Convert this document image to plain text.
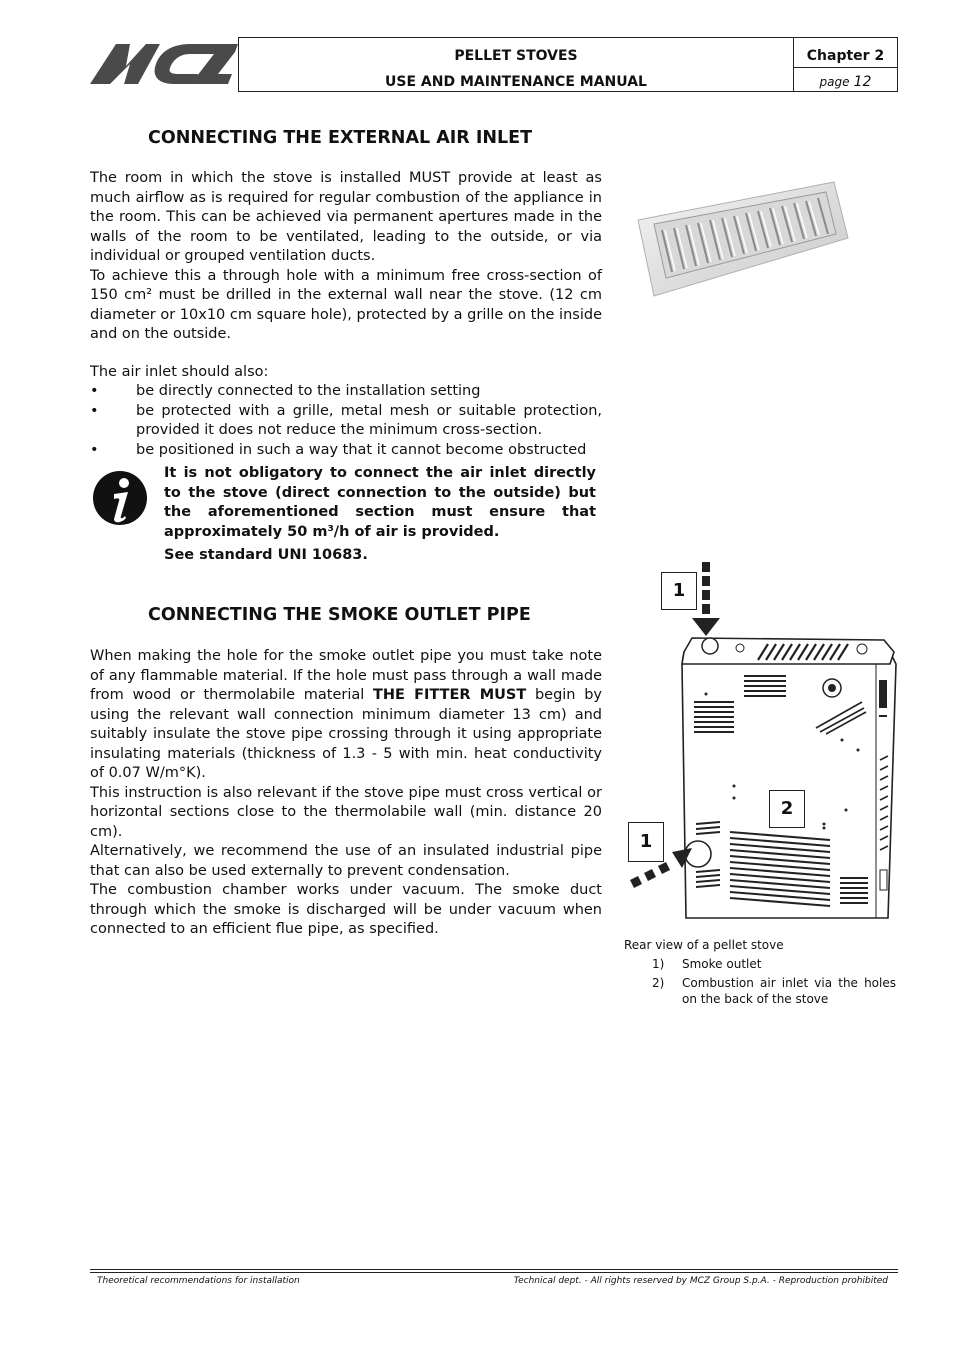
PELLET STOVES
USE AND MAINTENANCE MANUAL
Chapter 2
page 12
CONNECTING THE EXTERNAL AIR INLET

The room in which the stove is installed MUST provide at least as much airflow as is required for regular combustion of the appliance in the room. This can be achieved via permanent apertures made in the walls of the room to be ventilated, leading to the outside, or via individual or grouped ventilation ducts.

To achieve this a through hole with a minimum free cross-section of 150 cm² must be drilled in the external wall near the stove. (12 cm diameter or 10x10 cm square hole), protected by a grille on the inside and on the outside.

The air inlet should also:

• be directly connected to the installation setting
• be protected with a grille, metal mesh or suitable protection, provided it does not reduce the minimum cross-section.
• be positioned in such a way that it cannot become obstructed
It is not obligatory to connect the air inlet directly to the stove (direct connection to the outside) but the aforementioned section must ensure that approximately 50 m³/h of air is provided.
See standard UNI 10683.
CONNECTING THE SMOKE OUTLET PIPE

When making the hole for the smoke outlet pipe you must take note of any flammable material. If the hole must pass through a wall made from wood or thermolabile material THE FITTER MUST begin by using the relevant wall connection minimum diameter 13 cm) and suitably insulate the stove pipe crossing through it using appropriate insulating materials (thickness of 1.3 - 5 with min. heat conductivity of 0.07 W/m°K).

This instruction is also relevant if the stove pipe must cross vertical or horizontal sections close to the thermolabile wall (min. distance 20 cm).

Alternatively, we recommend the use of an insulated industrial pipe that can also be used externally to prevent condensation.

The combustion chamber works under vacuum. The smoke duct through which the smoke is discharged will be under vacuum when connected to an efficient flue pipe, as specified.

1
2
1
Rear view of a pellet stove
1) Smoke outlet
2) Combustion air inlet via the holes on the back of the stove
Theoretical recommendations for installation	Technical dept. - All rights reserved by MCZ Group S.p.A. - Reproduction prohibited
